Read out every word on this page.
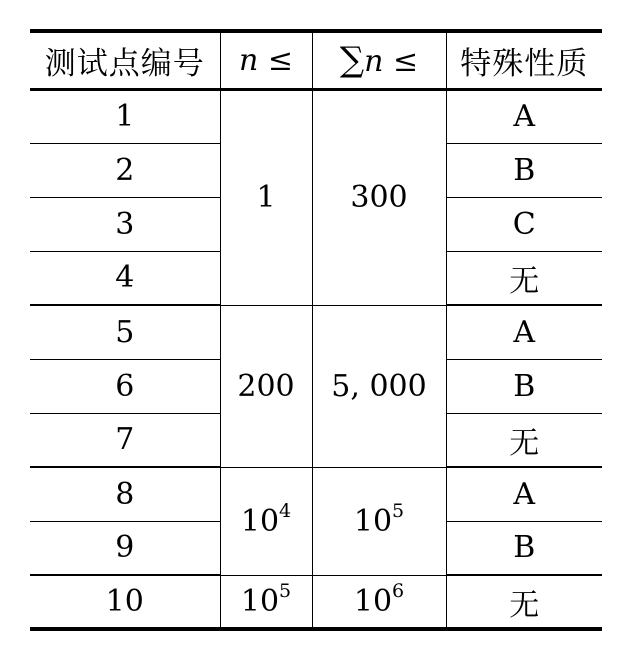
测试点编号	n ≤	∑n ≤	特殊性质
1	1	300	A
2			B
3			C
4			无
5	200	5, 000	A
6			B
7			无
8	$10^4$	$10^5$	A
9			B
10	$10^5$	$10^6$	无
